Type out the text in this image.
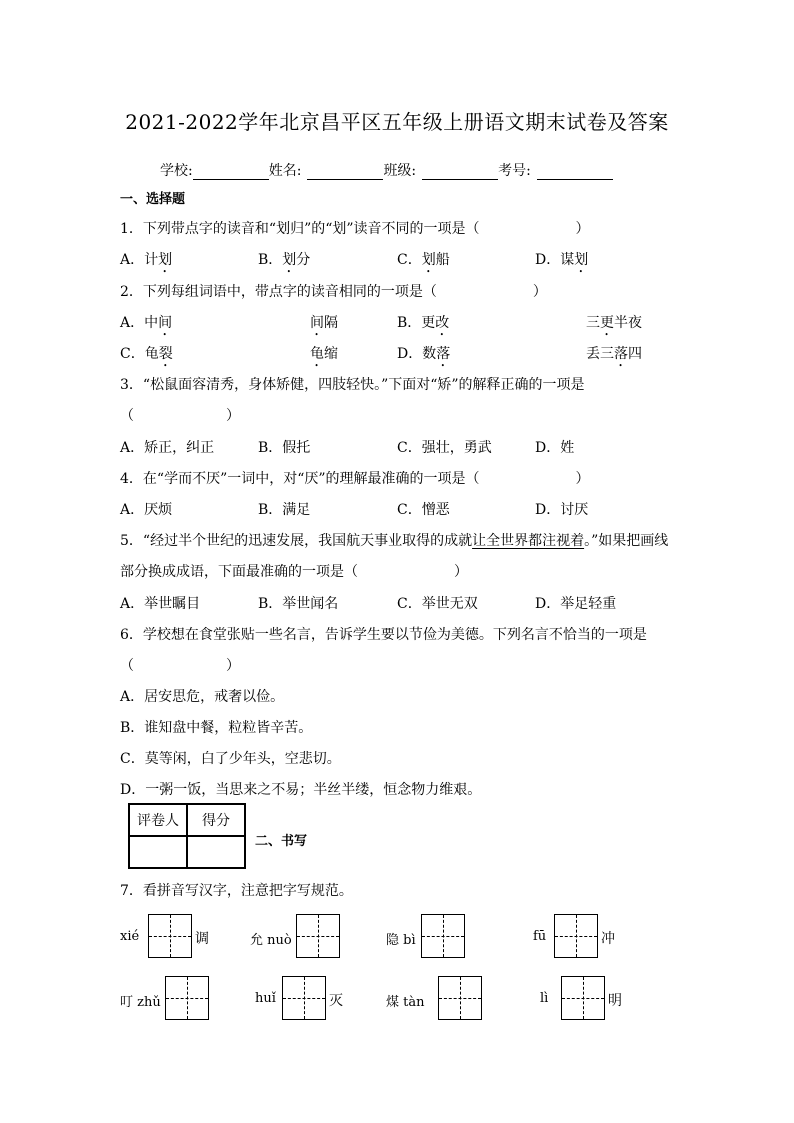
2021-2022学年北京昌平区五年级上册语文期末试卷及答案
学校:	姓名:	班级:	考号:
一、选择题
1．下列带点字的读音和“划归”的“划”读音不同的一项是（	）
A．计划	B．划分	C．划船	D．谋划
2．下列每组词语中，带点字的读音相同的一项是（	）
A．中间	间隔	B．更改	三更半夜
C．龟裂	龟缩	D．数落	丢三落四
3．“松鼠面容清秀，身体矫健，四肢轻快。”下面对“矫”的解释正确的一项是
（	）
A．矫正，纠正	B．假托	C．强壮，勇武	D．姓
4．在“学而不厌”一词中，对“厌”的理解最准确的一项是（	）
A．厌烦	B．满足	C．憎恶	D．讨厌
5．“经过半个世纪的迅速发展，我国航天事业取得的成就让全世界都注视着。”如果把画线
部分换成成语，下面最准确的一项是（	）
A．举世瞩目	B．举世闻名	C．举世无双	D．举足轻重
6．学校想在食堂张贴一些名言，告诉学生要以节俭为美德。下列名言不恰当的一项是
（	）
A．居安思危，戒奢以俭。
B．谁知盘中餐，粒粒皆辛苦。
C．莫等闲，白了少年头，空悲切。
D．一粥一饭，当思来之不易；半丝半缕，恒念物力维艰。
评卷人	得分

二、书写
7．看拼音写汉字，注意把字写规范。
xié	调	允 nuò	隐 bì	fū	冲
叮 zhǔ	huǐ	灭	煤 tàn	lì	明
